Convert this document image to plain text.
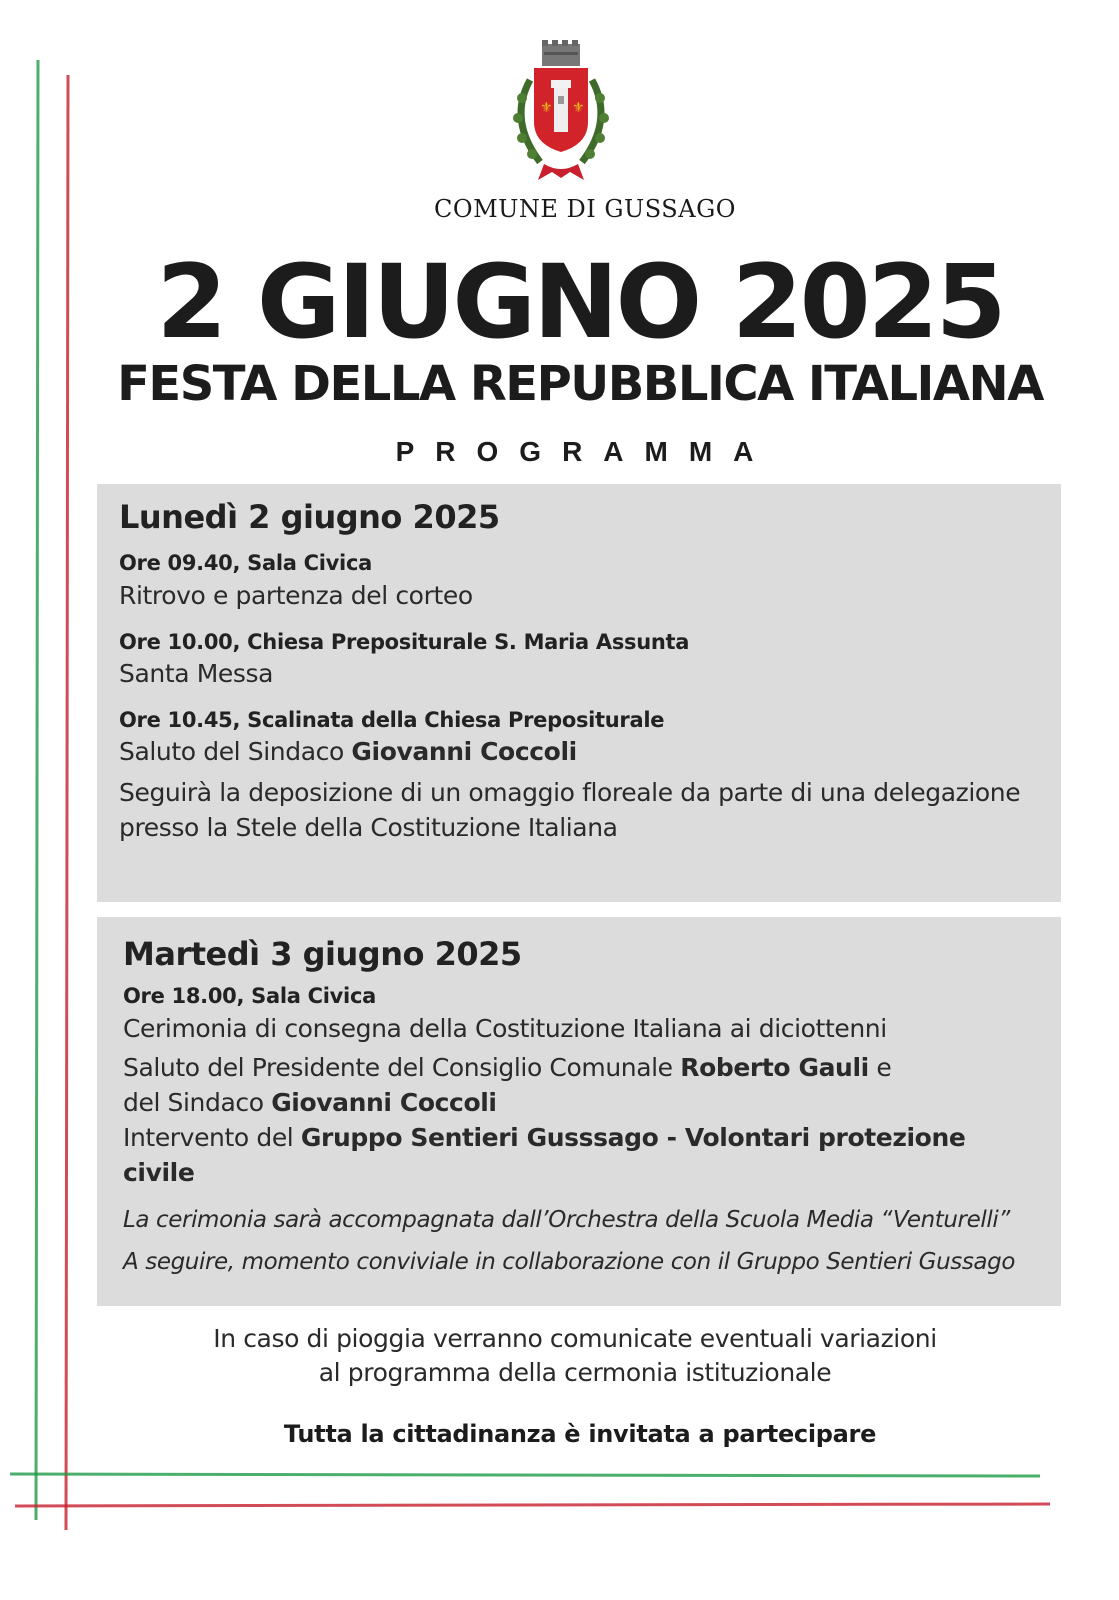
⚜ ⚜
COMUNE DI GUSSAGO
2 GIUGNO 2025
FESTA DELLA REPUBBLICA ITALIANA
PROGRAMMA
Lunedì 2 giugno 2025
Ore 09.40, Sala Civica
Ritrovo e partenza del corteo
Ore 10.00, Chiesa Prepositurale S. Maria Assunta
Santa Messa
Ore 10.45, Scalinata della Chiesa Prepositurale
Saluto del Sindaco Giovanni Coccoli
Seguirà la deposizione di un omaggio floreale da parte di una delegazione
presso la Stele della Costituzione Italiana
Martedì 3 giugno 2025
Ore 18.00, Sala Civica
Cerimonia di consegna della Costituzione Italiana ai diciottenni
Saluto del Presidente del Consiglio Comunale Roberto Gauli e
del Sindaco Giovanni Coccoli
Intervento del Gruppo Sentieri Gusssago - Volontari protezione civile
La cerimonia sarà accompagnata dall’Orchestra della Scuola Media “Venturelli”
A seguire, momento conviviale in collaborazione con il Gruppo Sentieri Gussago
In caso di pioggia verranno comunicate eventuali variazioni
al programma della cermonia istituzionale
Tutta la cittadinanza è invitata a partecipare
